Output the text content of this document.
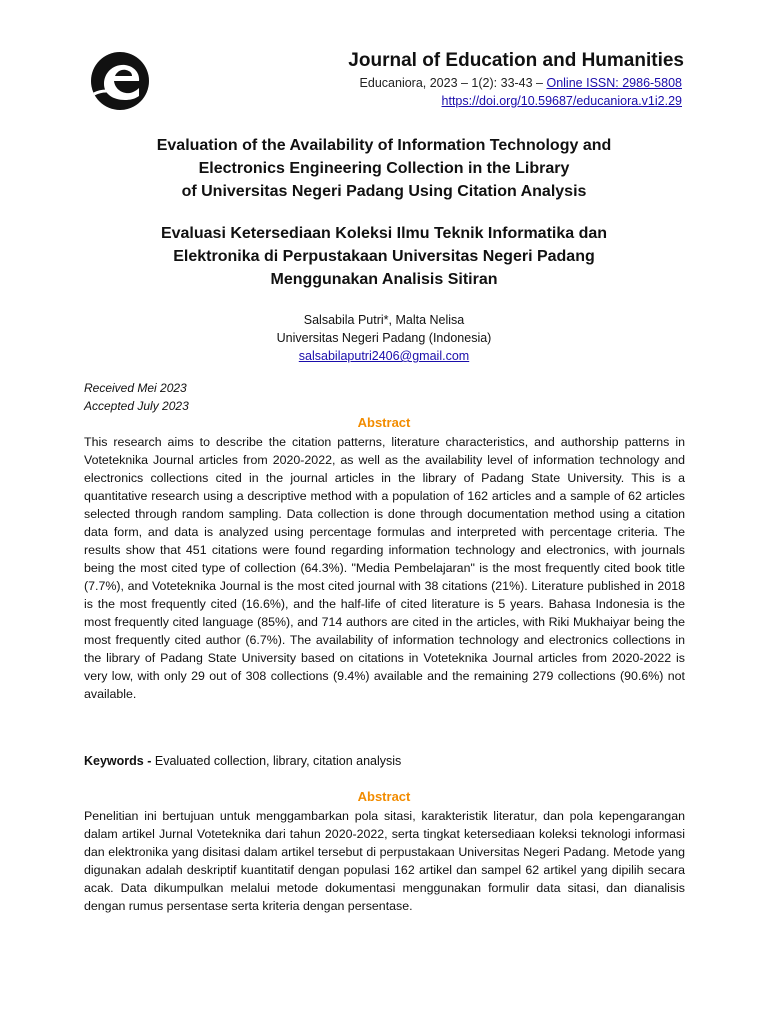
Journal of Education and Humanities
Educaniora, 2023 – 1(2): 33-43 – Online ISSN: 2986-5808
https://doi.org/10.59687/educaniora.v1i2.29
Evaluation of the Availability of Information Technology and
Electronics Engineering Collection in the Library
of Universitas Negeri Padang Using Citation Analysis
Evaluasi Ketersediaan Koleksi Ilmu Teknik Informatika dan
Elektronika di Perpustakaan Universitas Negeri Padang
Menggunakan Analisis Sitiran
Salsabila Putri*, Malta Nelisa
Universitas Negeri Padang (Indonesia)
salsabilaputri2406@gmail.com
Received Mei 2023
Accepted July 2023
Abstract
This research aims to describe the citation patterns, literature characteristics, and authorship patterns in Voteteknika Journal articles from 2020-2022, as well as the availability level of information technology and electronics collections cited in the journal articles in the library of Padang State University. This is a quantitative research using a descriptive method with a population of 162 articles and a sample of 62 articles selected through random sampling. Data collection is done through documentation method using a citation data form, and data is analyzed using percentage formulas and interpreted with percentage criteria. The results show that 451 citations were found regarding information technology and electronics, with journals being the most cited type of collection (64.3%). "Media Pembelajaran" is the most frequently cited book title (7.7%), and Voteteknika Journal is the most cited journal with 38 citations (21%). Literature published in 2018 is the most frequently cited (16.6%), and the half-life of cited literature is 5 years. Bahasa Indonesia is the most frequently cited language (85%), and 714 authors are cited in the articles, with Riki Mukhaiyar being the most frequently cited author (6.7%). The availability of information technology and electronics collections in the library of Padang State University based on citations in Voteteknika Journal articles from 2020-2022 is very low, with only 29 out of 308 collections (9.4%) available and the remaining 279 collections (90.6%) not available.
Keywords - Evaluated collection, library, citation analysis
Abstract
Penelitian ini bertujuan untuk menggambarkan pola sitasi, karakteristik literatur, dan pola kepengarangan dalam artikel Jurnal Voteteknika dari tahun 2020-2022, serta tingkat ketersediaan koleksi teknologi informasi dan elektronika yang disitasi dalam artikel tersebut di perpustakaan Universitas Negeri Padang. Metode yang digunakan adalah deskriptif kuantitatif dengan populasi 162 artikel dan sampel 62 artikel yang dipilih secara acak. Data dikumpulkan melalui metode dokumentasi menggunakan formulir data sitasi, dan dianalisis dengan rumus persentase serta kriteria dengan persentase.
